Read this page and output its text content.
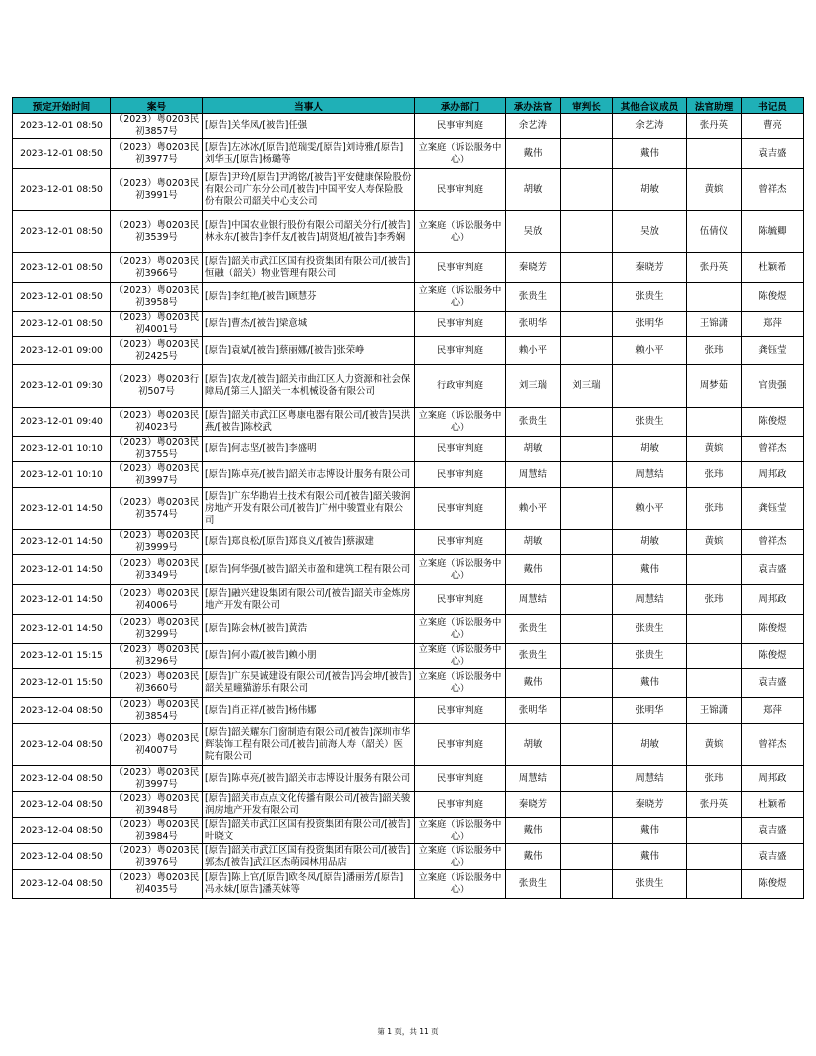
预定开始时间	案号	当事人	承办部门	承办法官	审判长	其他合议成员	法官助理	书记员
2023-12-01 08:50	（2023）粤0203民初3857号	[原告]关华凤/[被告]任强	民事审判庭	余艺涛		余艺涛	张丹英	曹亮
2023-12-01 08:50	（2023）粤0203民初3977号	[原告]左冰冰/[原告]范瑞雯/[原告]刘诗雅/[原告]刘华玉/[原告]杨璐等	立案庭（诉讼服务中心）	戴伟		戴伟		袁吉盛
2023-12-01 08:50	（2023）粤0203民初3991号	[原告]尹玲/[原告]尹鸿铭/[被告]平安健康保险股份有限公司广东分公司/[被告]中国平安人寿保险股份有限公司韶关中心支公司	民事审判庭	胡敏		胡敏	黄嫔	曾祥杰
2023-12-01 08:50	（2023）粤0203民初3539号	[原告]中国农业银行股份有限公司韶关分行/[被告]林永东/[被告]李仟友/[被告]胡贤旭/[被告]李秀娴	立案庭（诉讼服务中心）	吴放		吴放	伍倩仪	陈毓卿
2023-12-01 08:50	（2023）粤0203民初3966号	[原告]韶关市武江区国有投资集团有限公司/[被告]恒融（韶关）物业管理有限公司	民事审判庭	秦晓芳		秦晓芳	张丹英	杜颖希
2023-12-01 08:50	（2023）粤0203民初3958号	[原告]李红艳/[被告]顾慧芬	立案庭（诉讼服务中心）	张贵生		张贵生		陈俊煜
2023-12-01 08:50	（2023）粤0203民初4001号	[原告]曹杰/[被告]梁意城	民事审判庭	张明华		张明华	王锦潇	郑萍
2023-12-01 09:00	（2023）粤0203民初2425号	[原告]袁斌/[被告]蔡丽娜/[被告]张荣峥	民事审判庭	赖小平		赖小平	张玮	龚钰莹
2023-12-01 09:30	（2023）粤0203行初507号	[原告]农龙/[被告]韶关市曲江区人力资源和社会保障局/[第三人]韶关一本机械设备有限公司	行政审判庭	刘三瑞	刘三瑞		周梦茹	官贵强
2023-12-01 09:40	（2023）粤0203民初4023号	[原告]韶关市武江区粤康电器有限公司/[被告]吴洪燕/[被告]陈校武	立案庭（诉讼服务中心）	张贵生		张贵生		陈俊煜
2023-12-01 10:10	（2023）粤0203民初3755号	[原告]何志坚/[被告]李盛明	民事审判庭	胡敏		胡敏	黄嫔	曾祥杰
2023-12-01 10:10	（2023）粤0203民初3997号	[原告]陈卓亮/[被告]韶关市志博设计服务有限公司	民事审判庭	周慧结		周慧结	张玮	周邦政
2023-12-01 14:50	（2023）粤0203民初3574号	[原告]广东华勘岩土技术有限公司/[被告]韶关骏润房地产开发有限公司/[被告]广州中骏置业有限公司	民事审判庭	赖小平		赖小平	张玮	龚钰莹
2023-12-01 14:50	（2023）粤0203民初3999号	[原告]郑良松/[原告]郑良义/[被告]蔡淑建	民事审判庭	胡敏		胡敏	黄嫔	曾祥杰
2023-12-01 14:50	（2023）粤0203民初3349号	[原告]何华强/[被告]韶关市盈和建筑工程有限公司	立案庭（诉讼服务中心）	戴伟		戴伟		袁吉盛
2023-12-01 14:50	（2023）粤0203民初4006号	[原告]融兴建设集团有限公司/[被告]韶关市金炼房地产开发有限公司	民事审判庭	周慧结		周慧结	张玮	周邦政
2023-12-01 14:50	（2023）粤0203民初3299号	[原告]陈会林/[被告]黄浩	立案庭（诉讼服务中心）	张贵生		张贵生		陈俊煜
2023-12-01 15:15	（2023）粤0203民初3296号	[原告]何小霞/[被告]赖小朋	立案庭（诉讼服务中心）	张贵生		张贵生		陈俊煜
2023-12-01 15:50	（2023）粤0203民初3660号	[原告]广东昊诚建设有限公司/[被告]冯会坤/[被告]韶关星曈猫游乐有限公司	立案庭（诉讼服务中心）	戴伟		戴伟		袁吉盛
2023-12-04 08:50	（2023）粤0203民初3854号	[原告]肖正祥/[被告]杨伟娜	民事审判庭	张明华		张明华	王锦潇	郑萍
2023-12-04 08:50	（2023）粤0203民初4007号	[原告]韶关耀东门窗制造有限公司/[被告]深圳市华辉装饰工程有限公司/[被告]前海人寿（韶关）医院有限公司	民事审判庭	胡敏		胡敏	黄嫔	曾祥杰
2023-12-04 08:50	（2023）粤0203民初3997号	[原告]陈卓亮/[被告]韶关市志博设计服务有限公司	民事审判庭	周慧结		周慧结	张玮	周邦政
2023-12-04 08:50	（2023）粤0203民初3948号	[原告]韶关市点点文化传播有限公司/[被告]韶关骏润房地产开发有限公司	民事审判庭	秦晓芳		秦晓芳	张丹英	杜颖希
2023-12-04 08:50	（2023）粤0203民初3984号	[原告]韶关市武江区国有投资集团有限公司/[被告]叶晓文	立案庭（诉讼服务中心）	戴伟		戴伟		袁吉盛
2023-12-04 08:50	（2023）粤0203民初3976号	[原告]韶关市武江区国有投资集团有限公司/[被告]郭杰/[被告]武江区杰萌园林用品店	立案庭（诉讼服务中心）	戴伟		戴伟		袁吉盛
2023-12-04 08:50	（2023）粤0203民初4035号	[原告]陈上官/[原告]欧冬凤/[原告]潘丽芳/[原告]冯永妹/[原告]潘芙妹等	立案庭（诉讼服务中心）	张贵生		张贵生		陈俊煜
第 1 页，共 11 页
